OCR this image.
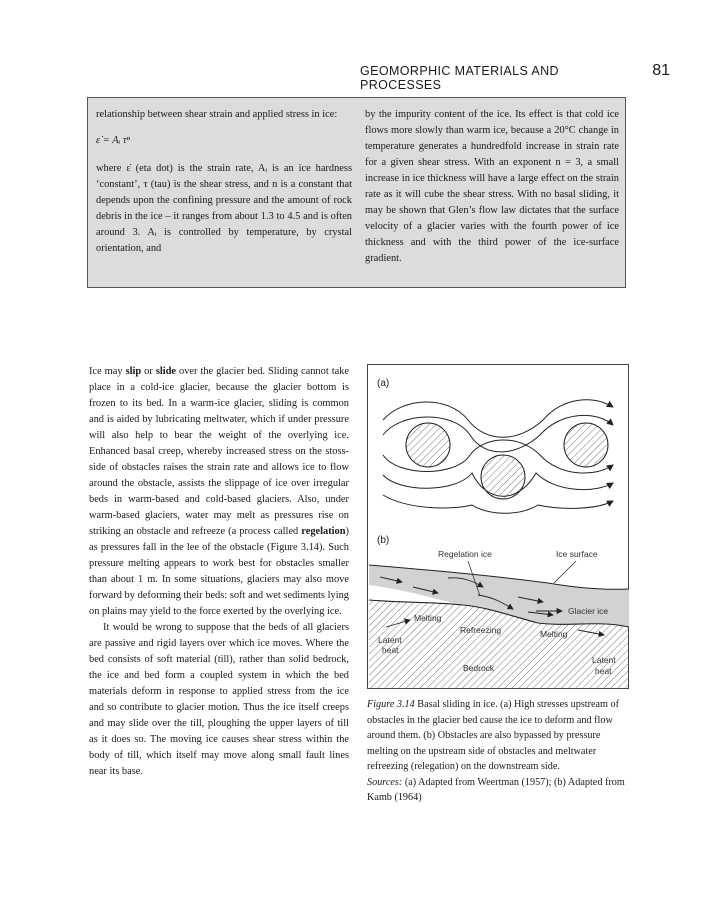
GEOMORPHIC MATERIALS AND PROCESSES
81

relationship between shear strain and applied stress in ice:

ε̇ = Aᵢ τⁿ

where ε̇ (eta dot) is the strain rate, Aᵢ is an ice hardness ‘constant’, τ (tau) is the shear stress, and n is a constant that depends upon the confining pressure and the amount of rock debris in the ice – it ranges from about 1.3 to 4.5 and is often around 3. Aᵢ is controlled by temperature, by crystal orientation, and

by the impurity content of the ice. Its effect is that cold ice flows more slowly than warm ice, because a 20°C change in temperature generates a hundredfold increase in strain rate for a given shear stress. With an exponent n = 3, a small increase in ice thickness will have a large effect on the strain rate as it will cube the shear stress. With no basal sliding, it may be shown that Glen’s flow law dictates that the surface velocity of a glacier varies with the fourth power of ice thickness and with the third power of the ice-surface gradient.

Ice may slip or slide over the glacier bed. Sliding cannot take place in a cold-ice glacier, because the glacier bottom is frozen to its bed. In a warm-ice glacier, sliding is common and is aided by lubricating meltwater, which if under pressure will also help to bear the weight of the overlying ice. Enhanced basal creep, whereby increased stress on the stoss-side of obstacles raises the strain rate and allows ice to flow around the obstacle, assists the slippage of ice over irregular beds in warm-based and cold-based glaciers. Also, under warm-based glaciers, water may melt as pressures rise on striking an obstacle and refreeze (a process called regelation) as pressures fall in the lee of the obstacle (Figure 3.14). Such pressure melting appears to work best for obstacles smaller than about 1 m. In some situations, glaciers may also move forward by deforming their beds: soft and wet sediments lying on plains may yield to the force exerted by the overlying ice.

It would be wrong to suppose that the beds of all glaciers are passive and rigid layers over which ice moves. Where the bed consists of soft material (till), rather than solid bedrock, the ice and bed form a coupled system in which the bed materials deform in response to applied stress from the ice and so contribute to glacier motion. Thus the ice itself creeps and may slide over the till, ploughing the upper layers of till as it does so. The moving ice causes shear stress within the body of till, which itself may move along small fault lines near its base.

(a)
(b)
Regelation ice	Ice surface
Glacier ice
Melting
Refreezing	Melting
Latent
heat
Bedrock
Latent
heat
Figure 3.14 Basal sliding in ice. (a) High stresses upstream of obstacles in the glacier bed cause the ice to deform and flow around them. (b) Obstacles are also bypassed by pressure melting on the upstream side of obstacles and meltwater refreezing (relegation) on the downstream side.
Sources: (a) Adapted from Weertman (1957); (b) Adapted from Kamb (1964)
